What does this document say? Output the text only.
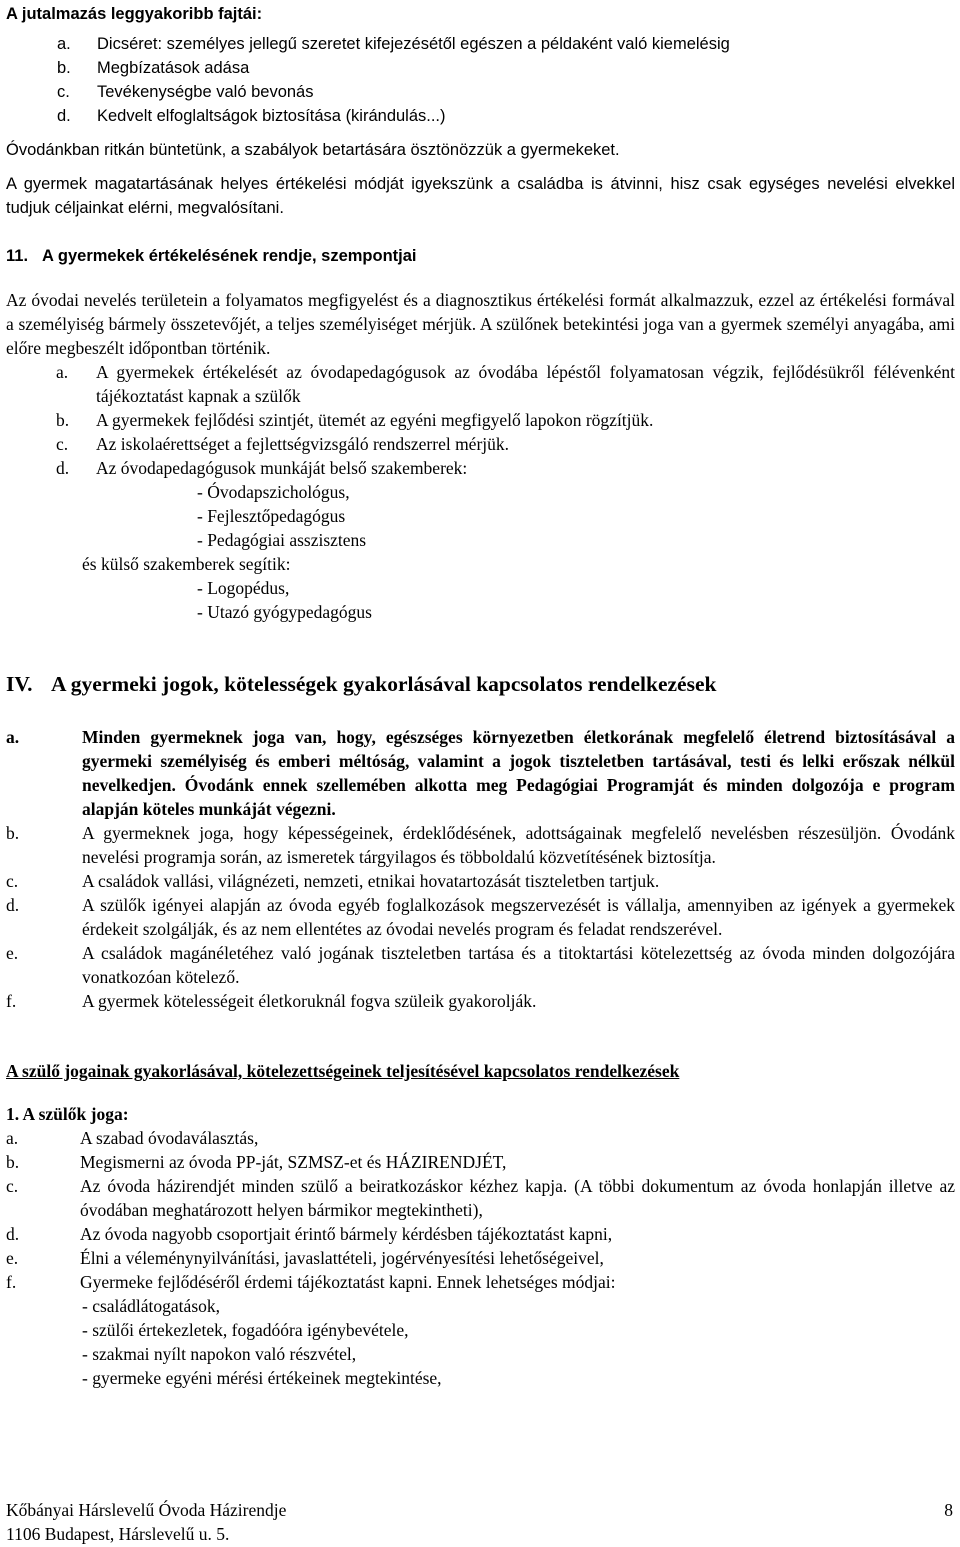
A jutalmazás leggyakoribb fajtái:

a.	Dicséret: személyes jellegű szeretet kifejezésétől egészen a példaként való kiemelésig
b.	Megbízatások adása
c.	Tevékenységbe való bevonás
d.	Kedvelt elfoglaltságok biztosítása (kirándulás...)

Óvodánkban ritkán büntetünk, a szabályok betartására ösztönözzük a gyermekeket.

A gyermek magatartásának helyes értékelési módját igyekszünk a családba is átvinni, hisz csak egységes nevelési elvekkel tudjuk céljainkat elérni, megvalósítani.

11. A gyermekek értékelésének rendje, szempontjai

Az óvodai nevelés területein a folyamatos megfigyelést és a diagnosztikus értékelési formát alkalmazzuk, ezzel az értékelési formával a személyiség bármely összetevőjét, a teljes személyiséget mérjük. A szülőnek betekintési joga van a gyermek személyi anyagába, ami előre megbeszélt időpontban történik.

a.	A gyermekek értékelését az óvodapedagógusok az óvodába lépéstől folyamatosan végzik, fejlődésükről félévenként tájékoztatást kapnak a szülők
b.	A gyermekek fejlődési szintjét, ütemét az egyéni megfigyelő lapokon rögzítjük.
c.	Az iskolaérettséget a fejlettségvizsgáló rendszerrel mérjük.
d.	Az óvodapedagógusok munkáját belső szakemberek:

- Óvodapszichológus,

- Fejlesztőpedagógus

- Pedagógiai asszisztens

és külső szakemberek segítik:

- Logopédus,

- Utazó gyógypedagógus

IV. A gyermeki jogok, kötelességek gyakorlásával kapcsolatos rendelkezések

a.	Minden gyermeknek joga van, hogy, egészséges környezetben életkorának megfelelő életrend biztosításával a gyermeki személyiség és emberi méltóság, valamint a jogok tiszteletben tartásával, testi és lelki erőszak nélkül nevelkedjen. Óvodánk ennek szellemében alkotta meg Pedagógiai Programját és minden dolgozója e program alapján köteles munkáját végezni.
b.	A gyermeknek joga, hogy képességeinek, érdeklődésének, adottságainak megfelelő nevelésben részesüljön. Óvodánk nevelési programja során, az ismeretek tárgyilagos és többoldalú közvetítésének biztosítja.
c.	A családok vallási, világnézeti, nemzeti, etnikai hovatartozását tiszteletben tartjuk.
d.	A szülők igényei alapján az óvoda egyéb foglalkozások megszervezését is vállalja, amennyiben az igények a gyermekek érdekeit szolgálják, és az nem ellentétes az óvodai nevelés program és feladat rendszerével.
e.	A családok magánéletéhez való jogának tiszteletben tartása és a titoktartási kötelezettség az óvoda minden dolgozójára vonatkozóan kötelező.
f.	A gyermek kötelességeit életkoruknál fogva szüleik gyakorolják.

A szülő jogainak gyakorlásával, kötelezettségeinek teljesítésével kapcsolatos rendelkezések

1. A szülők joga:

a.	A szabad óvodaválasztás,
b.	Megismerni az óvoda PP-ját, SZMSZ-et és HÁZIRENDJÉT,
c.	Az óvoda házirendjét minden szülő a beiratkozáskor kézhez kapja. (A többi dokumentum az óvoda honlapján illetve az óvodában meghatározott helyen bármikor megtekintheti),
d.	Az óvoda nagyobb csoportjait érintő bármely kérdésben tájékoztatást kapni,
e.	Élni a véleménynyilvánítási, javaslattételi, jogérvényesítési lehetőségeivel,
f.	Gyermeke fejlődéséről érdemi tájékoztatást kapni. Ennek lehetséges módjai:

- családlátogatások,

- szülői értekezletek, fogadóóra igénybevétele,

- szakmai nyílt napokon való részvétel,

- gyermeke egyéni mérési értékeinek megtekintése,

Kőbányai Hárslevelű Óvoda Házirendje

1106 Budapest, Hárslevelű u. 5.

8
